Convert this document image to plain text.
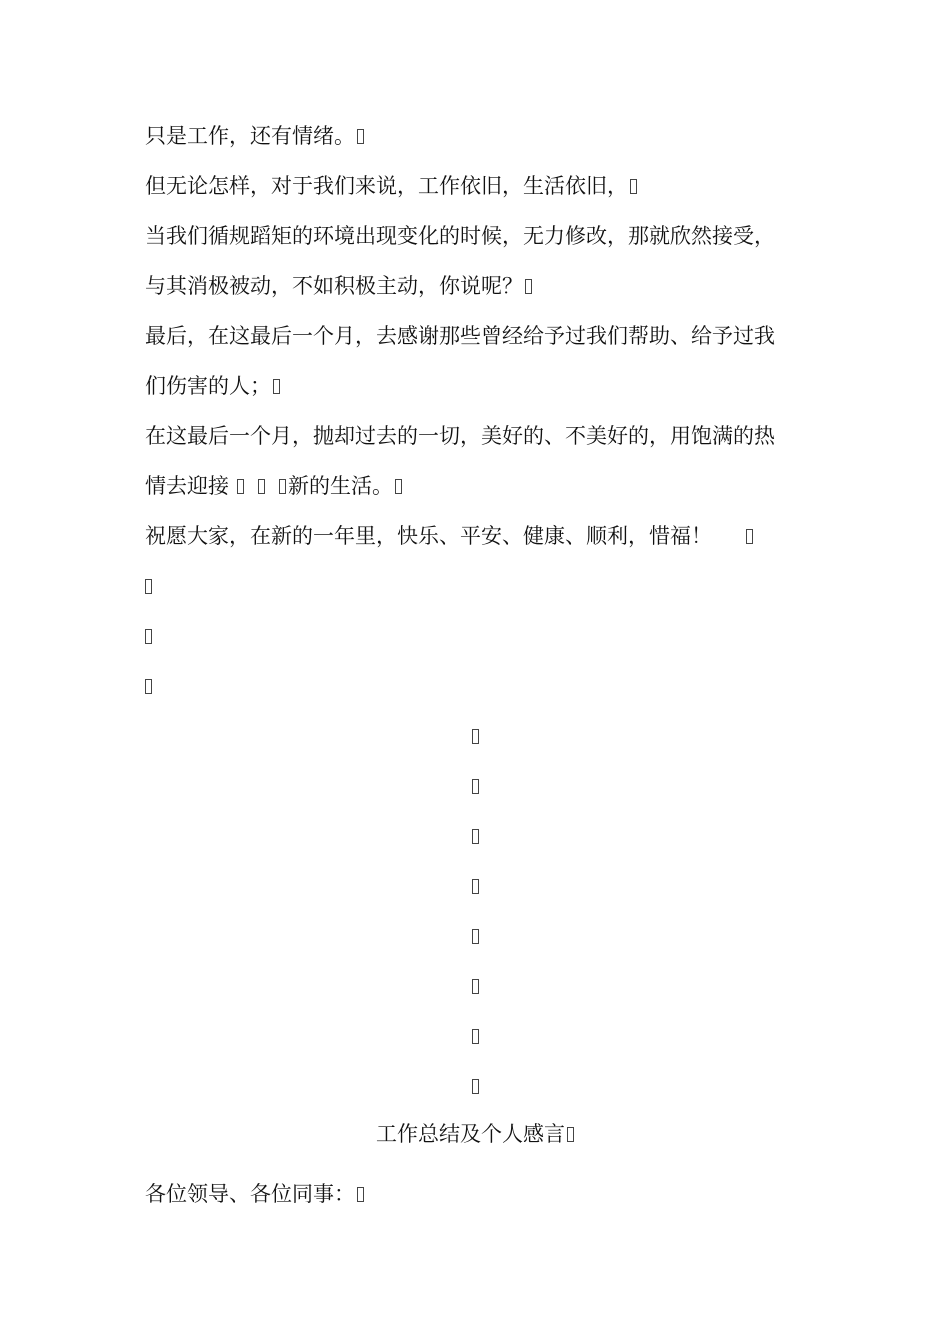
只是工作，还有情绪。
但无论怎样，对于我们来说，工作依旧，生活依旧，
当我们循规蹈矩的环境出现变化的时候，无力修改，那就欣然接受，
与其消极被动，不如积极主动，你说呢？
最后，在这最后一个月，去感谢那些曾经给予过我们帮助、给予过我
们伤害的人；
在这最后一个月，抛却过去的一切，美好的、不美好的，用饱满的热
情去迎接	新的生活。
祝愿大家，在新的一年里，快乐、平安、健康、顺利，惜福！
工作总结及个人感言
各位领导、各位同事：
